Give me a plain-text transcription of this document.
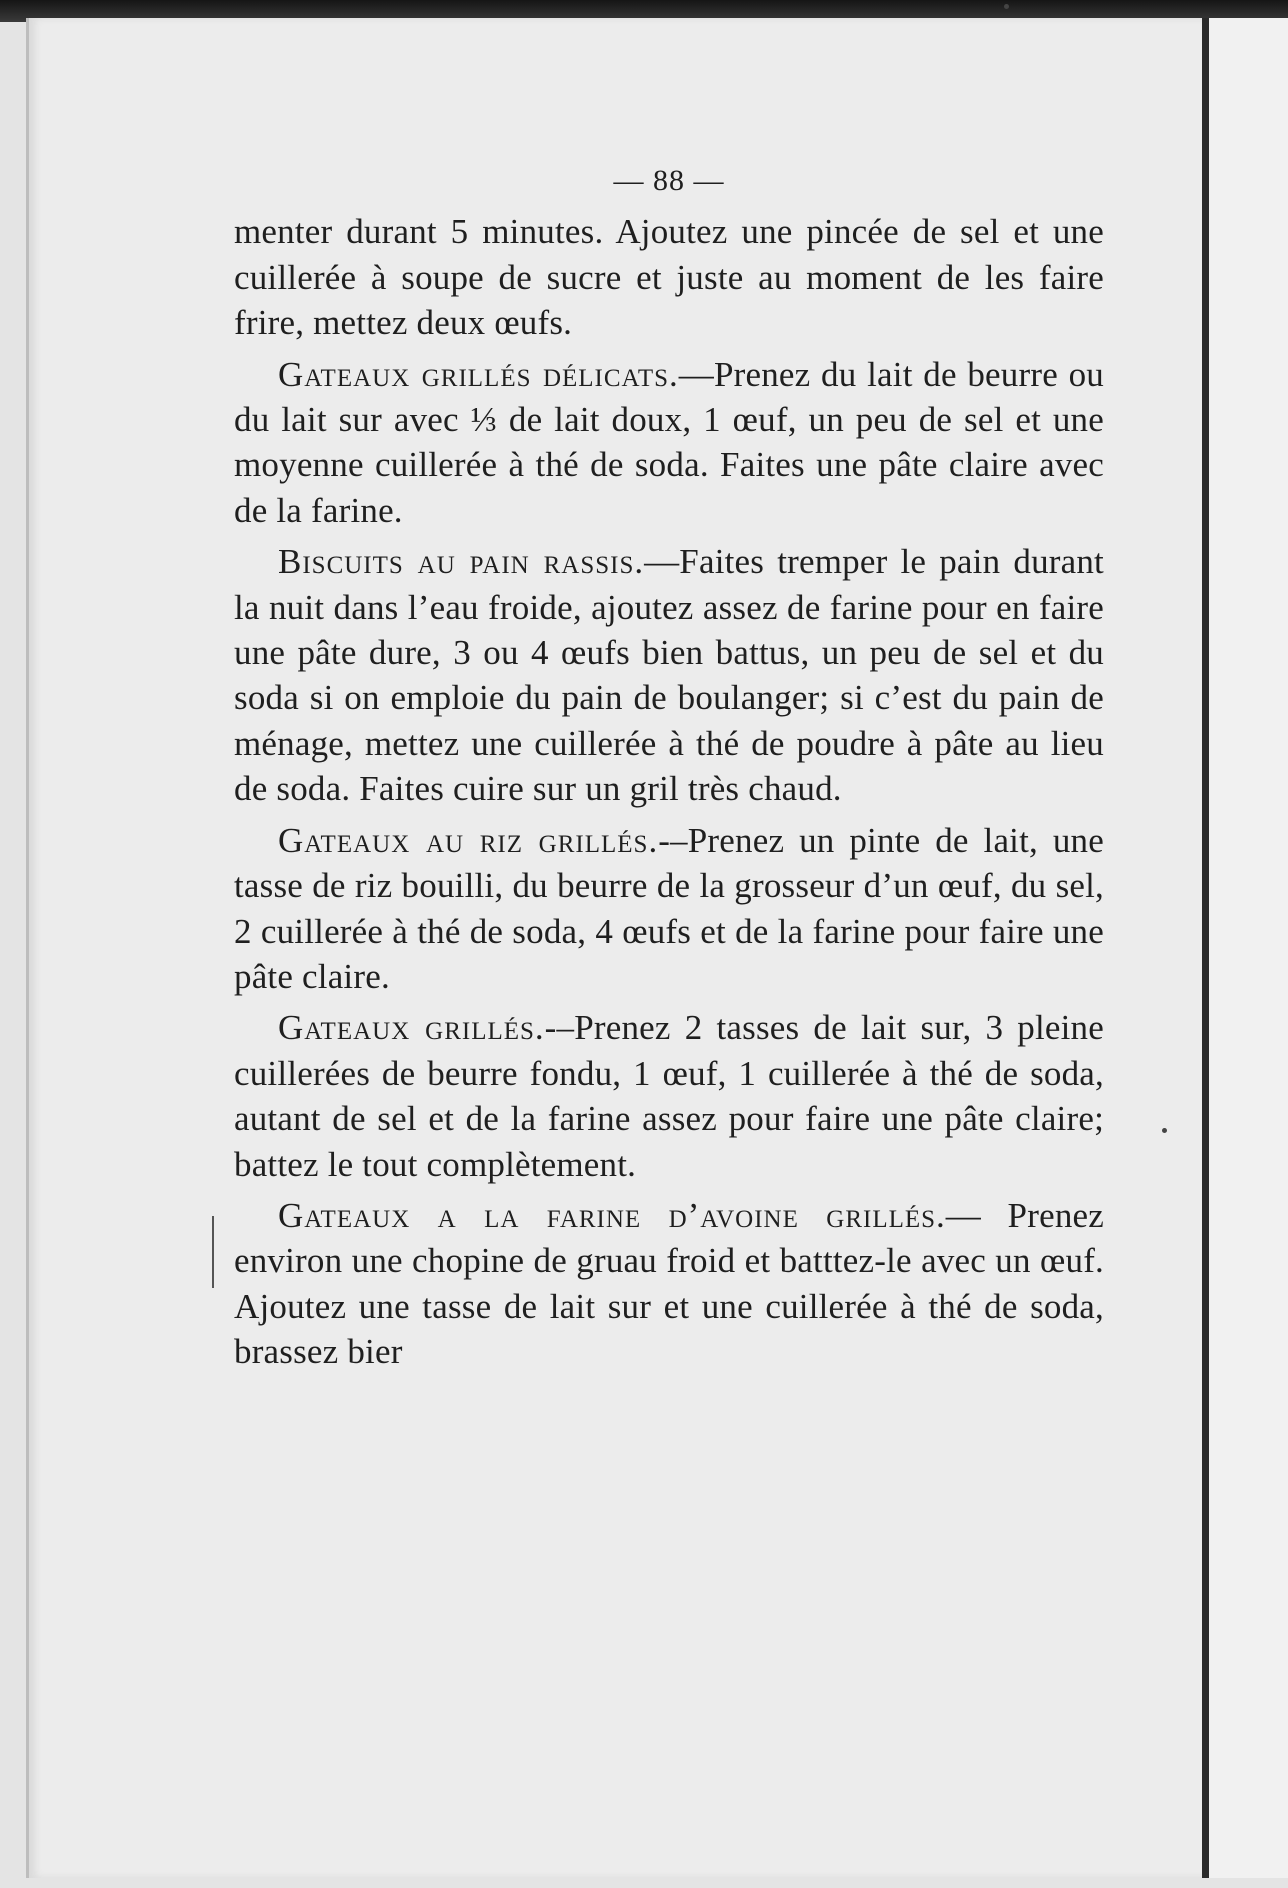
— 88 —

menter durant 5 minutes. Ajoutez une pincée de sel et une cuillerée à soupe de sucre et juste au moment de les faire frire, mettez deux œufs.

Gateaux grillés délicats.—Prenez du lait de beurre ou du lait sur avec ⅓ de lait doux, 1 œuf, un peu de sel et une moyenne cuillerée à thé de soda. Faites une pâte claire avec de la farine.

Biscuits au pain rassis.—Faites tremper le pain durant la nuit dans l’eau froide, ajoutez assez de farine pour en faire une pâte dure, 3 ou 4 œufs bien battus, un peu de sel et du soda si on emploie du pain de boulanger; si c’est du pain de ménage, mettez une cuillerée à thé de poudre à pâte au lieu de soda. Faites cuire sur un gril très chaud.

Gateaux au riz grillés.-–Prenez un pinte de lait, une tasse de riz bouilli, du beurre de la grosseur d’un œuf, du sel, 2 cuillerée à thé de soda, 4 œufs et de la farine pour faire une pâte claire.

Gateaux grillés.-–Prenez 2 tasses de lait sur, 3 pleine cuillerées de beurre fondu, 1 œuf, 1 cuillerée à thé de soda, autant de sel et de la farine assez pour faire une pâte claire; battez le tout complètement.

Gateaux a la farine d’avoine grillés.— Prenez environ une chopine de gruau froid et batttez-le avec un œuf. Ajoutez une tasse de lait sur et une cuillerée à thé de soda, brassez bier
